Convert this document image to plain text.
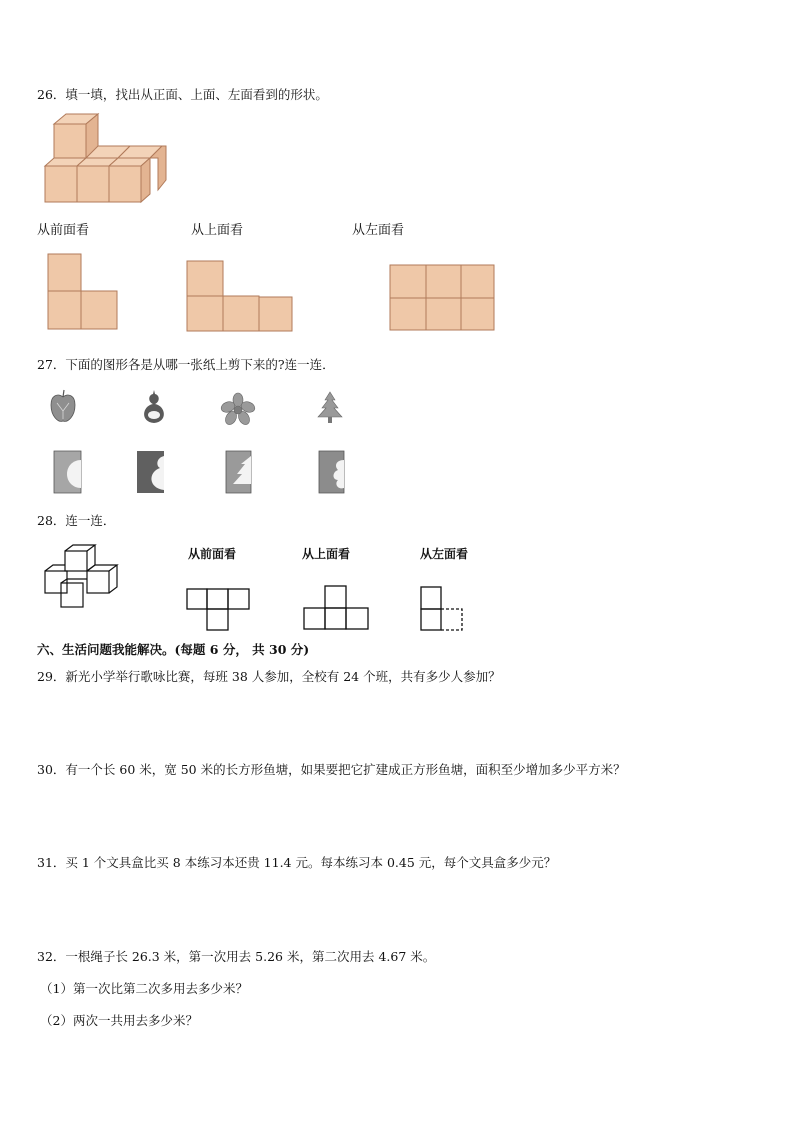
26．填一填，找出从正面、上面、左面看到的形状。
从前面看	从上面看	从左面看
27．下面的图形各是从哪一张纸上剪下来的?连一连．
28．连一连．
从前面看	从上面看	从左面看
六、生活问题我能解决。(每题 6 分， 共 30 分)
29．新光小学举行歌咏比赛，每班 38 人参加，全校有 24 个班，共有多少人参加？
30．有一个长 60 米，宽 50 米的长方形鱼塘，如果要把它扩建成正方形鱼塘，面积至少增加多少平方米？
31．买 1 个文具盒比买 8 本练习本还贵 11.4 元。每本练习本 0.45 元，每个文具盒多少元？
32．一根绳子长 26.3 米，第一次用去 5.26 米，第二次用去 4.67 米。
（1）第一次比第二次多用去多少米？
（2）两次一共用去多少米？
